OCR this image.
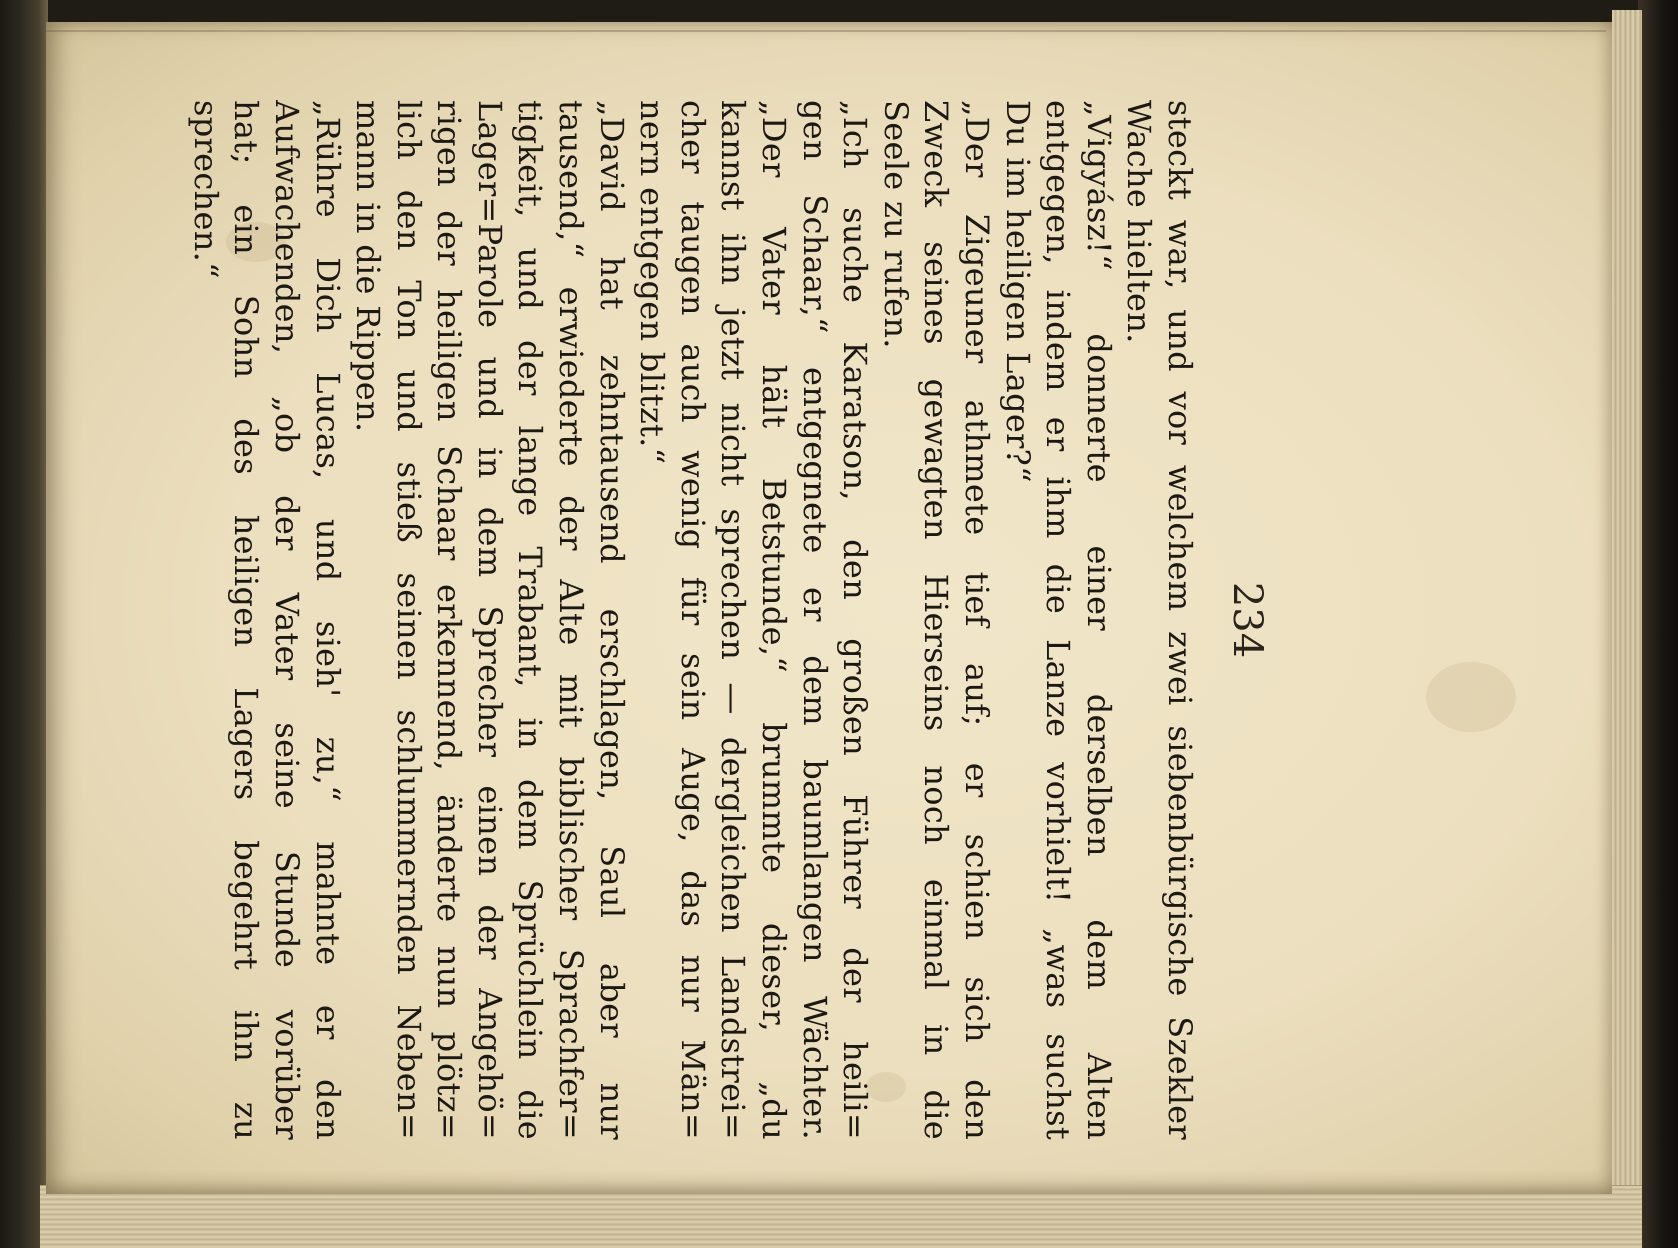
234
steckt war, und vor welchem zwei siebenbürgische Szekler
Wache hielten.
„Vigyász!“ donnerte einer derselben dem Alten
entgegen, indem er ihm die Lanze vorhielt! „was suchst
Du im heiligen Lager?“
„Der Zigeuner athmete tief auf; er schien sich den
Zweck seines gewagten Hierseins noch einmal in die
Seele zu rufen.
„Ich suche Karatson, den großen Führer der heili=
gen Schaar,“ entgegnete er dem baumlangen Wächter.
„Der Vater hält Betstunde,“ brummte dieser, „du
kannst ihn jetzt nicht sprechen — dergleichen Landstrei=
cher taugen auch wenig für sein Auge, das nur Män=
nern entgegen blitzt.“
„David hat zehntausend erschlagen, Saul aber nur
tausend,“ erwiederte der Alte mit biblischer Sprachfer=
tigkeit, und der lange Trabant, in dem Sprüchlein die
Lager=Parole und in dem Sprecher einen der Angehö=
rigen der heiligen Schaar erkennend, änderte nun plötz=
lich den Ton und stieß seinen schlummernden Neben=
mann in die Rippen.
„Rühre Dich Lucas, und sieh' zu,“ mahnte er den
Aufwachenden, „ob der Vater seine Stunde vorüber
hat; ein Sohn des heiligen Lagers begehrt ihn zu
sprechen.“
